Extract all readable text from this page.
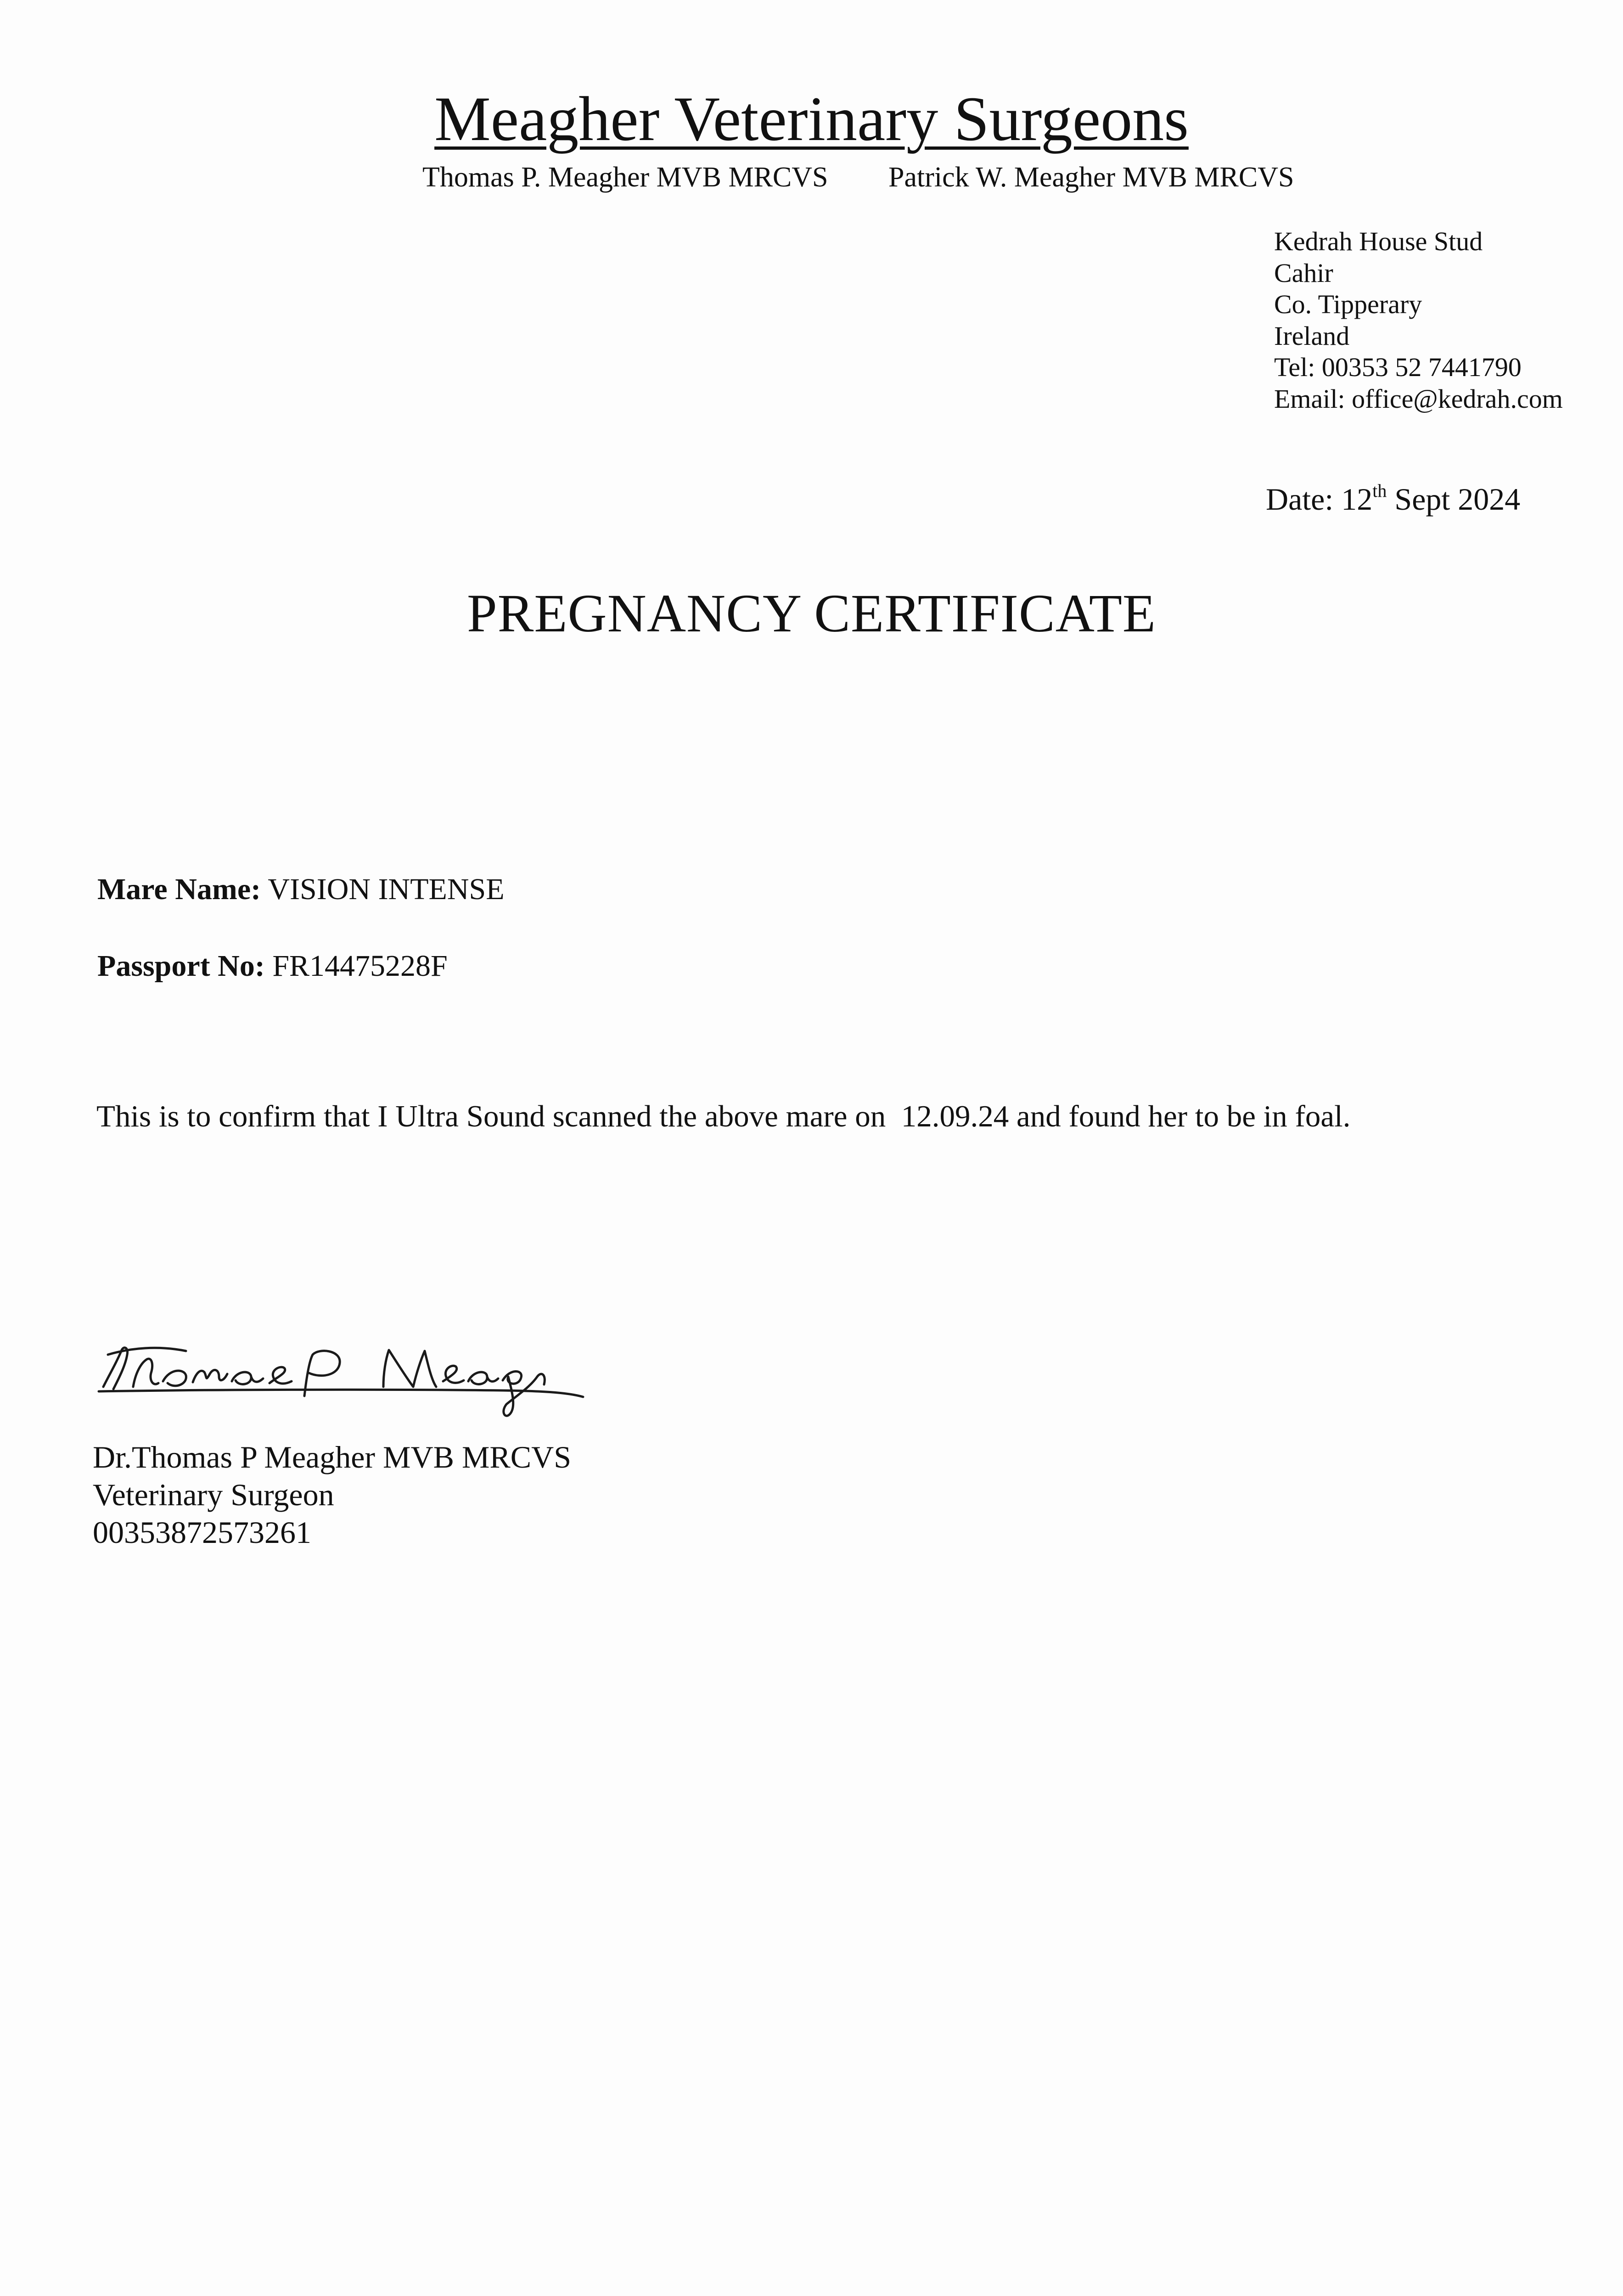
Meagher Veterinary Surgeons
Thomas P. Meagher MVB MRCVS Patrick W. Meagher MVB MRCVS
Kedrah House Stud
Cahir
Co. Tipperary
Ireland
Tel: 00353 52 7441790
Email: office@kedrah.com
Date: 12th Sept 2024
PREGNANCY CERTIFICATE
Mare Name: VISION INTENSE
Passport No: FR14475228F
This is to confirm that I Ultra Sound scanned the above mare on  12.09.24 and found her to be in foal.
Dr.Thomas P Meagher MVB MRCVS
Veterinary Surgeon
00353872573261
